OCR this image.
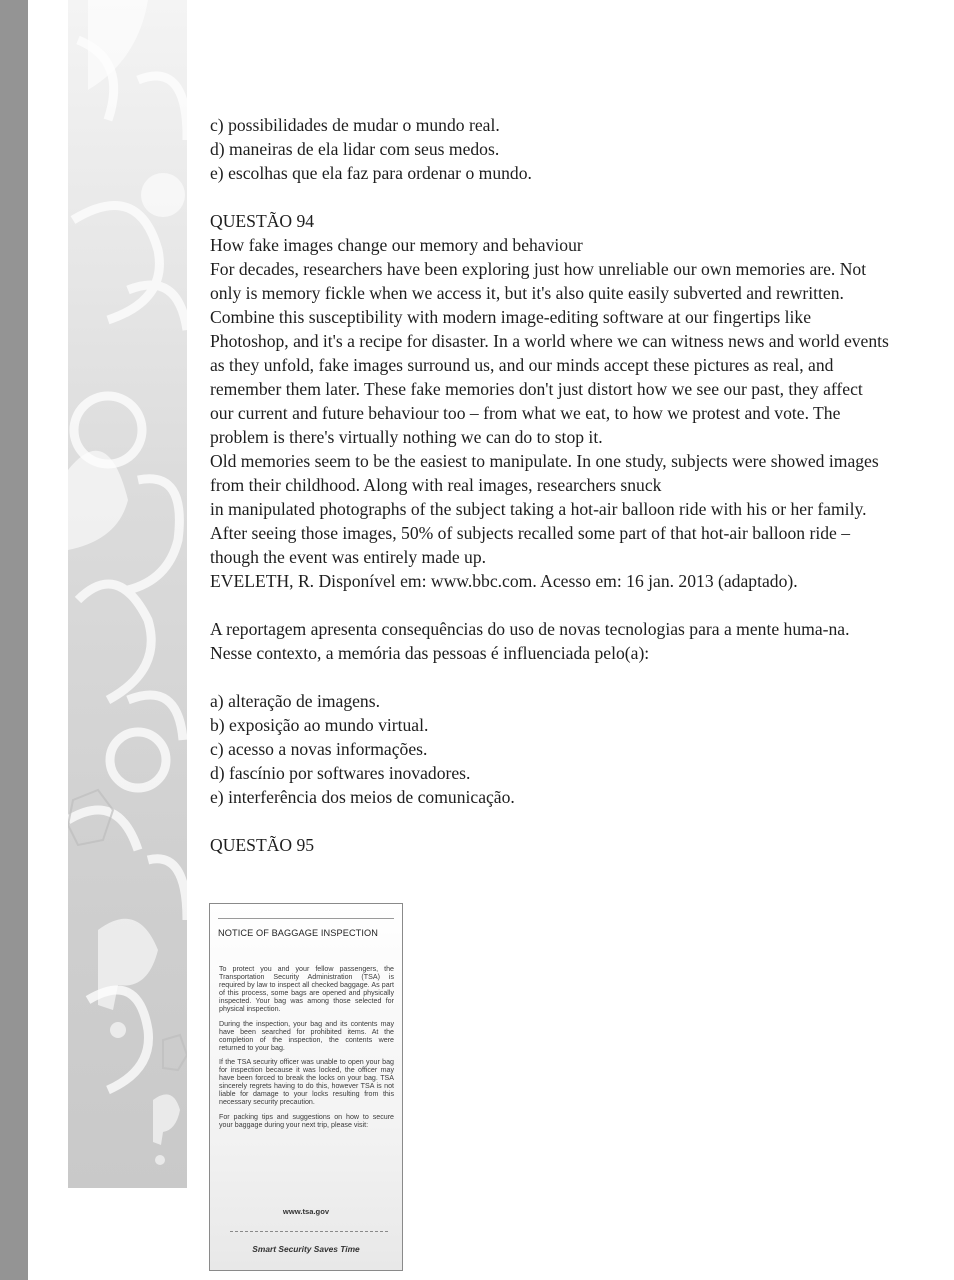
c) possibilidades de mudar o mundo real.

d) maneiras de ela lidar com seus medos.

e) escolhas que ela faz para ordenar o mundo.

QUESTÃO 94

How fake images change our memory and behaviour

For decades, researchers have been exploring just how unreliable our own memories are. Not only is memory fickle when we access it, but it's also quite easily subverted and rewritten. Combine this susceptibility with modern image-editing software at our fingertips like Photoshop, and it's a recipe for disaster. In a world where we can witness news and world events as they unfold, fake images surround us, and our minds accept these pictures as real, and remember them later. These fake memories don't just distort how we see our past, they affect our current and future behaviour too – from what we eat, to how we protest and vote. The problem is there's virtually nothing we can do to stop it.

Old memories seem to be the easiest to manipulate. In one study, subjects were showed images from their childhood. Along with real images, researchers snuck

in manipulated photographs of the subject taking a hot-air balloon ride with his or her family. After seeing those images, 50% of subjects recalled some part of that hot-air balloon ride – though the event was entirely made up.

EVELETH, R. Disponível em: www.bbc.com. Acesso em: 16 jan. 2013 (adaptado).

A reportagem apresenta consequências do uso de novas tecnologias para a mente huma-na. Nesse contexto, a memória das pessoas é influenciada pelo(a):

a) alteração de imagens.

b) exposição ao mundo virtual.

c) acesso a novas informações.

d) fascínio por softwares inovadores.

e) interferência dos meios de comunicação.

QUESTÃO 95

NOTICE OF BAGGAGE INSPECTION

To protect you and your fellow passengers, the Transportation Security Administration (TSA) is required by law to inspect all checked baggage. As part of this process, some bags are opened and physically inspected. Your bag was among those selected for physical inspection.

During the inspection, your bag and its contents may have been searched for prohibited items. At the completion of the inspection, the contents were returned to your bag.

If the TSA security officer was unable to open your bag for inspection because it was locked, the officer may have been forced to break the locks on your bag. TSA sincerely regrets having to do this, however TSA is not liable for damage to your locks resulting from this necessary security precaution.

For packing tips and suggestions on how to secure your baggage during your next trip, please visit:

www.tsa.gov
Smart Security Saves Time
